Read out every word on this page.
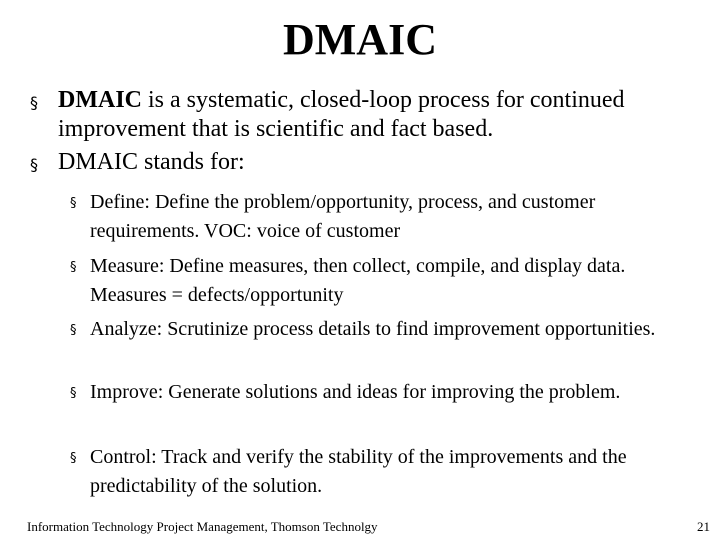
DMAIC
§ DMAIC is a systematic, closed-loop process for continued improvement that is scientific and fact based.
§ DMAIC stands for:
§ Define: Define the problem/opportunity, process, and customer requirements. VOC: voice of customer
§ Measure: Define measures, then collect, compile, and display data. Measures = defects/opportunity
§ Analyze: Scrutinize process details to find improvement opportunities.
§ Improve: Generate solutions and ideas for improving the problem.
§ Control: Track and verify the stability of the improvements and the predictability of the solution.
Information Technology Project Management, Thomson Technolgy	21
